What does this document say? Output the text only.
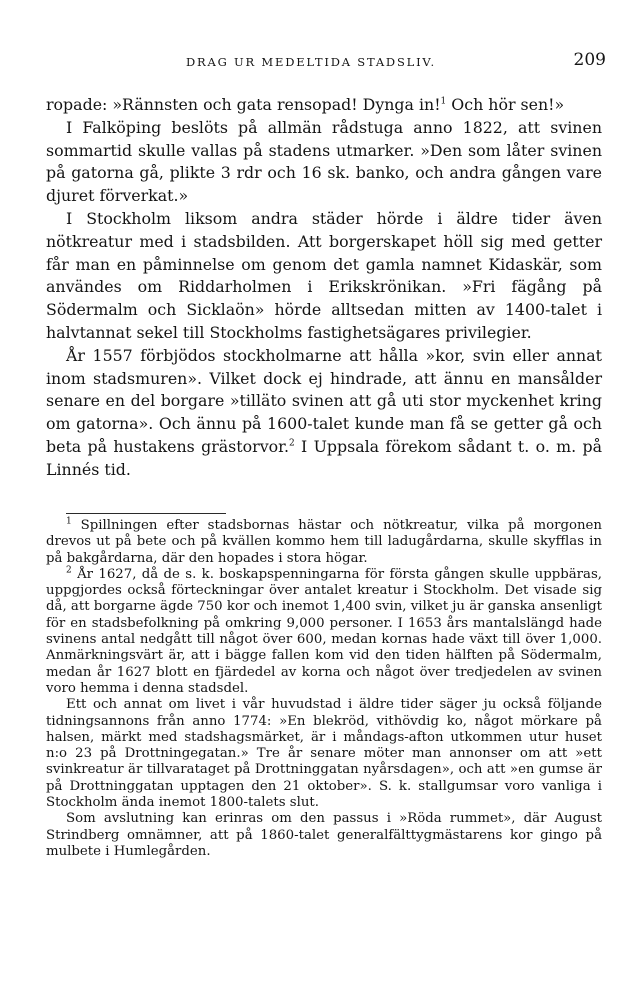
DRAG UR MEDELTIDA STADSLIV.	209

ropade: »Rännsten och gata rensopad! Dynga in!$^1$ Och hör sen!»

I Falköping beslöts på allmän rådstuga anno 1822, att svinen sommartid skulle vallas på stadens utmarker. »Den som låter svinen på gatorna gå, plikte 3 rdr och 16 sk. banko, och andra gången vare djuret förverkat.»

I Stockholm liksom andra städer hörde i äldre tider även nötkreatur med i stadsbilden. Att borgerskapet höll sig med getter får man en påminnelse om genom det gamla namnet Kidaskär, som användes om Riddarholmen i Erikskrönikan. »Fri fägång på Södermalm och Sicklaön» hörde alltsedan mitten av 1400-talet i halvtannat sekel till Stockholms fastighetsägares privilegier.

År 1557 förbjödos stockholmarne att hålla »kor, svin eller annat inom stadsmuren». Vilket dock ej hindrade, att ännu en mansålder senare en del borgare »tilläto svinen att gå uti stor myckenhet kring om gatorna». Och ännu på 1600-talet kunde man få se getter gå och beta på hustakens grästorvor.$^2$ I Uppsala förekom sådant t. o. m. på Linnés tid.

$^1$ Spillningen efter stadsbornas hästar och nötkreatur, vilka på morgonen drevos ut på bete och på kvällen kommo hem till ladugårdarna, skulle skyfflas in på bakgårdarna, där den hopades i stora högar.

$^2$ År 1627, då de s. k. boskapspenningarna för första gången skulle uppbäras, uppgjordes också förteckningar över antalet kreatur i Stockholm. Det visade sig då, att borgarne ägde 750 kor och inemot 1,400 svin, vilket ju är ganska ansenligt för en stadsbefolkning på omkring 9,000 personer. I 1653 års mantalslängd hade svinens antal nedgått till något över 600, medan kornas hade växt till över 1,000. Anmärkningsvärt är, att i bägge fallen kom vid den tiden hälften på Södermalm, medan år 1627 blott en fjärdedel av korna och något över tredjedelen av svinen voro hemma i denna stadsdel.

Ett och annat om livet i vår huvudstad i äldre tider säger ju också följande tidningsannons från anno 1774: »En blekröd, vithövdig ko, något mörkare på halsen, märkt med stadshagsmärket, är i måndags-afton utkommen utur huset n:o 23 på Drottningegatan.» Tre år senare möter man annonser om att »ett svinkreatur är tillvarataget på Drottninggatan nyårsdagen», och att »en gumse är på Drottninggatan upptagen den 21 oktober». S. k. stallgumsar voro vanliga i Stockholm ända inemot 1800-talets slut.

Som avslutning kan erinras om den passus i »Röda rummet», där August Strindberg omnämner, att på 1860-talet generalfälttygmästarens kor gingo på mulbete i Humlegården.
